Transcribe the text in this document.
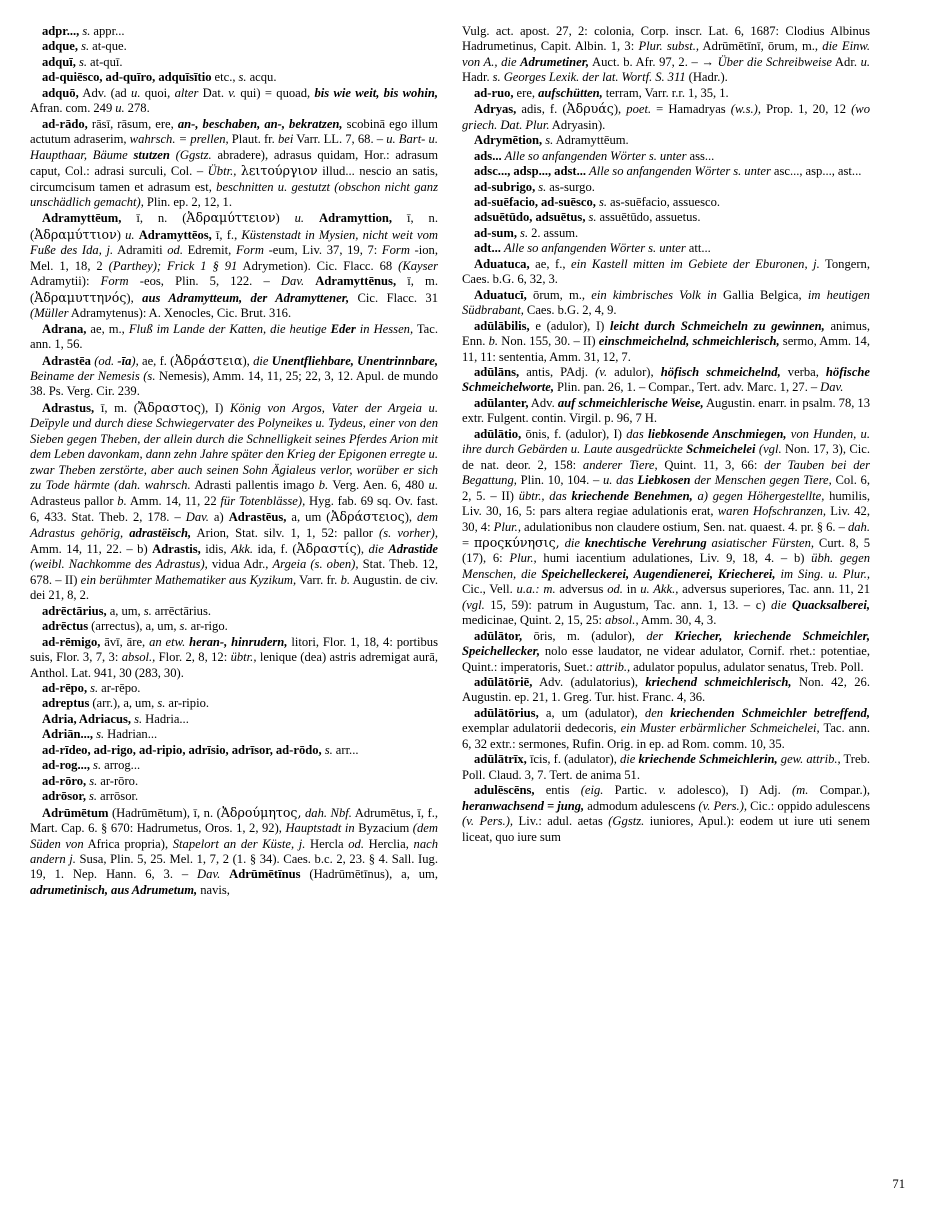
adpr..., s. appr...

adque, s. at-que.

adquī, s. at-quī.

ad-quiēsco, ad-quīro, adquīsītio etc., s. acqu.

adquō, Adv. (ad u. quoi, alter Dat. v. qui) = quoad, bis wie weit, bis wohin, Afran. com. 249 u. 278.

ad-rādo, rāsī, rāsum, ere, an-, beschaben, an-, bekratzen, scobinā ego illum actutum adraserim, wahrsch. = prellen, Plaut. fr. bei Varr. LL. 7, 68. – u. Bart- u. Haupthaar, Bäume stutzen (Ggstz. abradere), adrasus quidam, Hor.: adrasum caput, Col.: adrasi surculi, Col. – Übtr., λειτούργιον illud... nescio an satis, circumcisum tamen et adrasum est, beschnitten u. gestutzt (obschon nicht ganz unschädlich gemacht), Plin. ep. 2, 12, 1.

Adramyttēum, ī, n. (Ἀδραμύττειον) u. Adramyttion, ī, n. (Ἀδραμύττιον) u. Adramyttēos, ī, f., Küstenstadt in Mysien, nicht weit vom Fuße des Ida, j. Adramiti od. Edremit, Form -eum, Liv. 37, 19, 7: Form -ion, Mel. 1, 18, 2 (Parthey); Frick 1 § 91 Adrymetion). Cic. Flacc. 68 (Kayser Adramytii): Form -eos, Plin. 5, 122. – Dav. Adramyttēnus, ī, m. (Ἀδραμυττηνός), aus Adramytteum, der Adramyttener, Cic. Flacc. 31 (Müller Adramytenus): A. Xenocles, Cic. Brut. 316.

Adrana, ae, m., Fluß im Lande der Katten, die heutige Eder in Hessen, Tac. ann. 1, 56.

Adrastēa (od. -īa), ae, f. (Ἀδράστεια), die Unentfliehbare, Unentrinnbare, Beiname der Nemesis (s. Nemesis), Amm. 14, 11, 25; 22, 3, 12. Apul. de mundo 38. Ps. Verg. Cir. 239.

Adrastus, ī, m. (Ἄδραστος), I) König von Argos, Vater der Argeia u. Deïpyle und durch diese Schwiegervater des Polyneikes u. Tydeus, einer von den Sieben gegen Theben, der allein durch die Schnelligkeit seines Pferdes Arion mit dem Leben davonkam, dann zehn Jahre später den Krieg der Epigonen erregte u. zwar Theben zerstörte, aber auch seinen Sohn Ägialeus verlor, worüber er sich zu Tode härmte (dah. wahrsch. Adrasti pallentis imago b. Verg. Aen. 6, 480 u. Adrasteus pallor b. Amm. 14, 11, 22 für Totenblässe), Hyg. fab. 69 sq. Ov. fast. 6, 433. Stat. Theb. 2, 178. – Dav. a) Adrastēus, a, um (Ἀδράστειος), dem Adrastus gehörig, adrastëisch, Arion, Stat. silv. 1, 1, 52: pallor (s. vorher), Amm. 14, 11, 22. – b) Adrastis, idis, Akk. ida, f. (Ἀδραστίς), die Adrastide (weibl. Nachkomme des Adrastus), vidua Adr., Argeia (s. oben), Stat. Theb. 12, 678. – II) ein berühmter Mathematiker aus Kyzikum, Varr. fr. b. Augustin. de civ. dei 21, 8, 2.

adrēctārius, a, um, s. arrēctārius.

adrēctus (arrectus), a, um, s. ar-rigo.

ad-rēmigo, āvī, āre, an etw. heran-, hinrudern, litori, Flor. 1, 18, 4: portibus suis, Flor. 3, 7, 3: absol., Flor. 2, 8, 12: übtr., lenique (dea) astris adremigat aurā, Anthol. Lat. 941, 30 (283, 30).

ad-rēpo, s. ar-rēpo.

adreptus (arr.), a, um, s. ar-ripio.

Adria, Adriacus, s. Hadria...

Adriān..., s. Hadrian...

ad-rīdeo, ad-rigo, ad-ripio, adrīsio, adrīsor, ad-rōdo, s. arr...

ad-rog..., s. arrog...

ad-rōro, s. ar-rōro.

adrōsor, s. arrōsor.

Adrūmētum (Hadrūmētum), ī, n. (Ἀδρούμητος, dah. Nbf. Adrumētus, ī, f., Mart. Cap. 6. § 670: Hadrumetus, Oros. 1, 2, 92), Hauptstadt in Byzacium (dem Süden von Africa propria), Stapelort an der Küste, j. Hercla od. Herclia, nach andern j. Susa, Plin. 5, 25. Mel. 1, 7, 2 (1. § 34). Caes. b.c. 2, 23. § 4. Sall. Iug. 19, 1. Nep. Hann. 6, 3. – Dav. Adrūmētīnus (Hadrūmētīnus), a, um, adrumetinisch, aus Adrumetum, navis,

Vulg. act. apost. 27, 2: colonia, Corp. inscr. Lat. 6, 1687: Clodius Albinus Hadrumetinus, Capit. Albin. 1, 3: Plur. subst., Adrūmētīnī, ōrum, m., die Einw. von A., die Adrumetiner, Auct. b. Afr. 97, 2. – → Über die Schreibweise Adr. u. Hadr. s. Georges Lexik. der lat. Wortf. S. 311 (Hadr.).

ad-ruo, ere, aufschütten, terram, Varr. r.r. 1, 35, 1.

Adryas, adis, f. (Ἀδρυάς), poet. = Hamadryas (w.s.), Prop. 1, 20, 12 (wo griech. Dat. Plur. Adryasin).

Adrymētion, s. Adramyttēum.

ads... Alle so anfangenden Wörter s. unter ass...

adsc..., adsp..., adst... Alle so anfangenden Wörter s. unter asc..., asp..., ast...

ad-subrigo, s. as-surgo.

ad-suēfacio, ad-suēsco, s. as-suēfacio, assuesco.

adsuētūdo, adsuētus, s. assuētūdo, assuetus.

ad-sum, s. 2. assum.

adt... Alle so anfangenden Wörter s. unter att...

Aduatuca, ae, f., ein Kastell mitten im Gebiete der Eburonen, j. Tongern, Caes. b.G. 6, 32, 3.

Aduatucī, ōrum, m., ein kimbrisches Volk in Gallia Belgica, im heutigen Südbrabant, Caes. b.G. 2, 4, 9.

adūlābilis, e (adulor), I) leicht durch Schmeicheln zu gewinnen, animus, Enn. b. Non. 155, 30. – II) einschmeichelnd, schmeichlerisch, sermo, Amm. 14, 11, 11: sententia, Amm. 31, 12, 7.

adūlāns, antis, PAdj. (v. adulor), höfisch schmeichelnd, verba, höfische Schmeichelworte, Plin. pan. 26, 1. – Compar., Tert. adv. Marc. 1, 27. – Dav.

adūlanter, Adv. auf schmeichlerische Weise, Augustin. enarr. in psalm. 78, 13 extr. Fulgent. contin. Virgil. p. 96, 7 H.

adūlātio, ōnis, f. (adulor), I) das liebkosende Anschmiegen, von Hunden, u. ihre durch Gebärden u. Laute ausgedrückte Schmeichelei (vgl. Non. 17, 3), Cic. de nat. deor. 2, 158: anderer Tiere, Quint. 11, 3, 66: der Tauben bei der Begattung, Plin. 10, 104. – u. das Liebkosen der Menschen gegen Tiere, Col. 6, 2, 5. – II) übtr., das kriechende Benehmen, a) gegen Höhergestellte, humilis, Liv. 30, 16, 5: pars altera regiae adulationis erat, waren Hofschranzen, Liv. 42, 30, 4: Plur., adulationibus non claudere ostium, Sen. nat. quaest. 4. pr. § 6. – dah. = προςκύνησις, die knechtische Verehrung asiatischer Fürsten, Curt. 8, 5 (17), 6: Plur., humi iacentium adulationes, Liv. 9, 18, 4. – b) übh. gegen Menschen, die Speichelleckerei, Augendienerei, Kriecherei, im Sing. u. Plur., Cic., Vell. u.a.: m. adversus od. in u. Akk., adversus superiores, Tac. ann. 11, 21 (vgl. 15, 59): patrum in Augustum, Tac. ann. 1, 13. – c) die Quacksalberei, medicinae, Quint. 2, 15, 25: absol., Amm. 30, 4, 3.

adūlātor, ōris, m. (adulor), der Kriecher, kriechende Schmeichler, Speichellecker, nolo esse laudator, ne videar adulator, Cornif. rhet.: potentiae, Quint.: imperatoris, Suet.: attrib., adulator populus, adulator senatus, Treb. Poll.

adūlātōriē, Adv. (adulatorius), kriechend schmeichlerisch, Non. 42, 26. Augustin. ep. 21, 1. Greg. Tur. hist. Franc. 4, 36.

adūlātōrius, a, um (adulator), den kriechenden Schmeichler betreffend, exemplar adulatorii dedecoris, ein Muster erbärmlicher Schmeichelei, Tac. ann. 6, 32 extr.: sermones, Rufin. Orig. in ep. ad Rom. comm. 10, 35.

adūlātrīx, īcis, f. (adulator), die kriechende Schmeichlerin, gew. attrib., Treb. Poll. Claud. 3, 7. Tert. de anima 51.

adulēscēns, entis (eig. Partic. v. adolesco), I) Adj. (m. Compar.), heranwachsend = jung, admodum adulescens (v. Pers.), Cic.: oppido adulescens (v. Pers.), Liv.: adul. aetas (Ggstz. iuniores, Apul.): eodem ut iure uti senem liceat, quo iure sum

71
